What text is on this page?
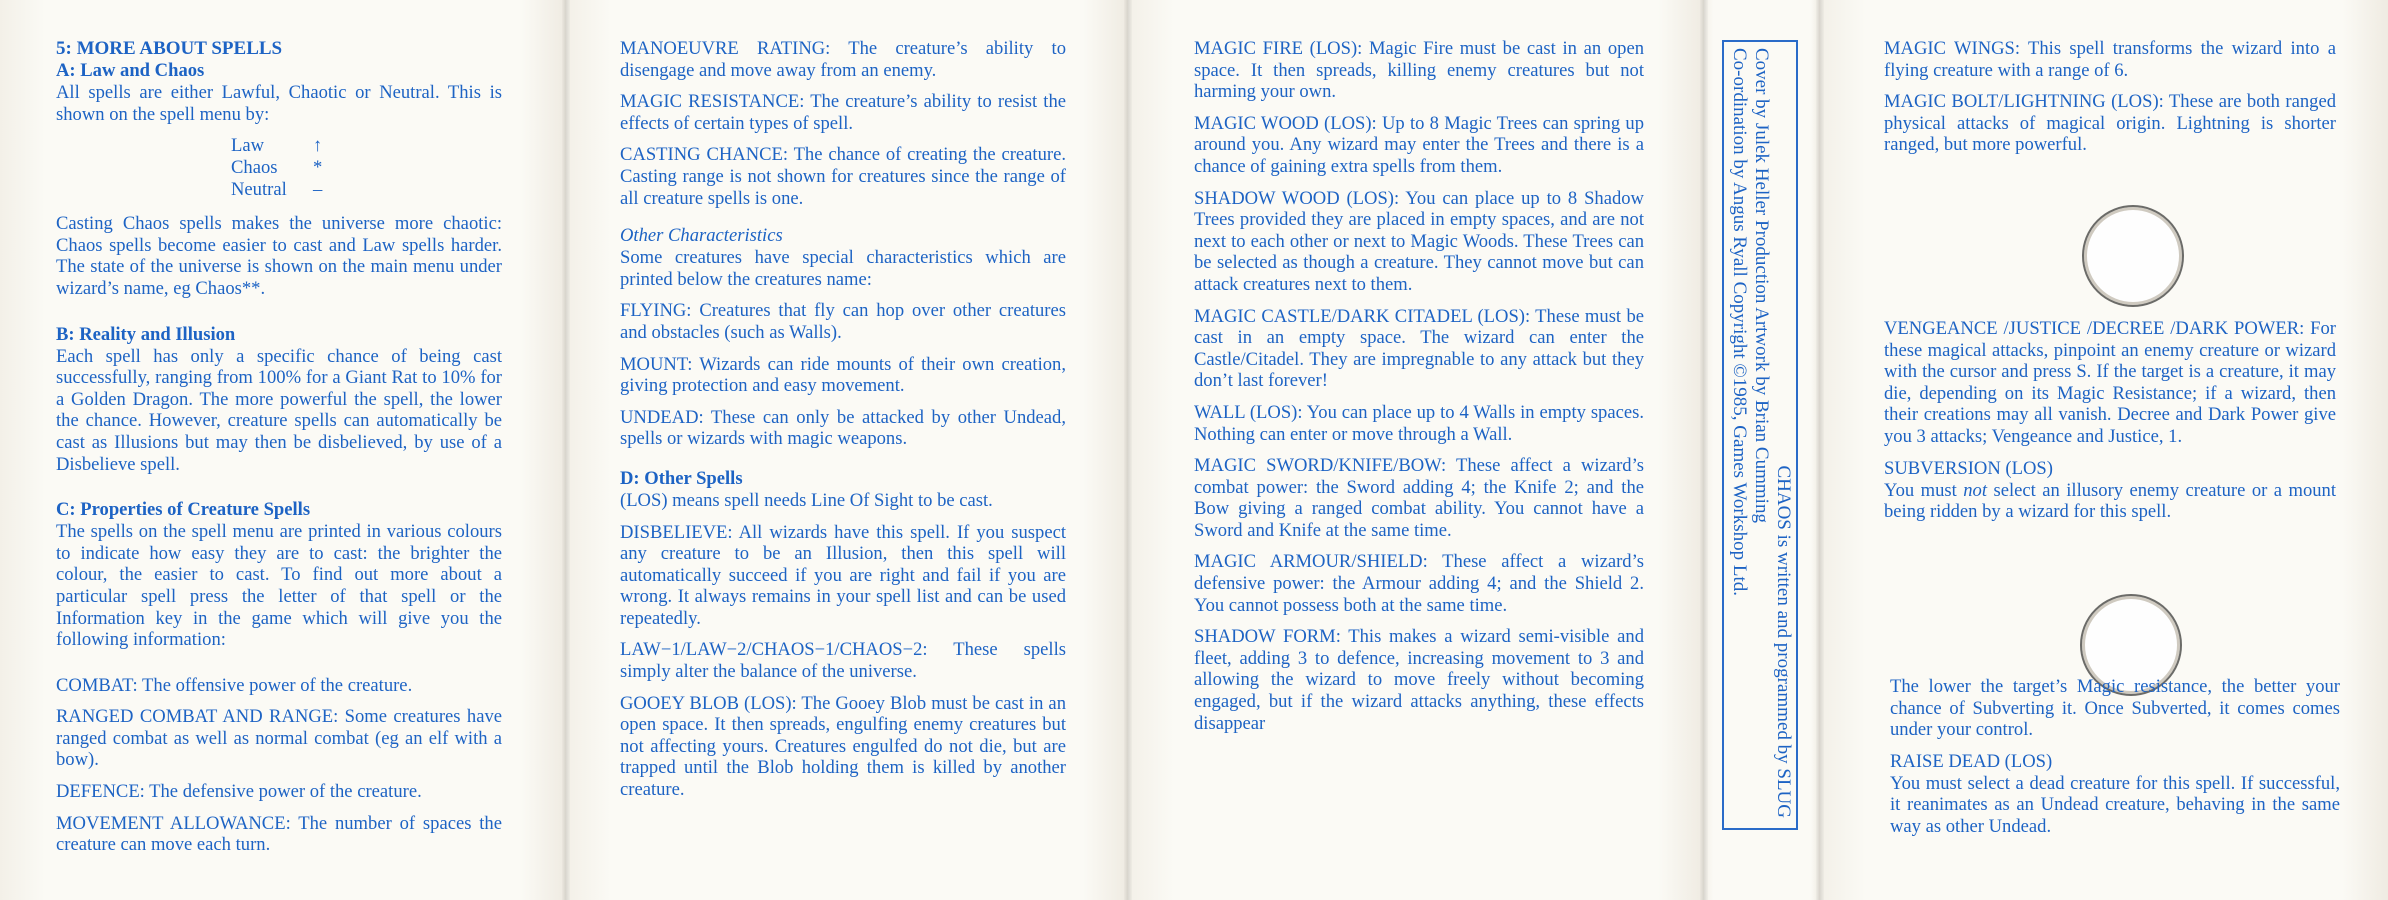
5: MORE ABOUT SPELLS

A: Law and Chaos

All spells are either Lawful, Chaotic or Neutral. This is shown on the spell menu by:

Law	↑
Chaos	*
Neutral	–

Casting Chaos spells makes the universe more chaotic: Chaos spells become easier to cast and Law spells harder. The state of the universe is shown on the main menu under wizard’s name, eg Chaos**.

B: Reality and Illusion

Each spell has only a specific chance of being cast successfully, ranging from 100% for a Giant Rat to 10% for a Golden Dragon. The more powerful the spell, the lower the chance. However, creature spells can automatically be cast as Illusions but may then be disbelieved, by use of a Disbelieve spell.

C: Properties of Creature Spells

The spells on the spell menu are printed in various colours to indicate how easy they are to cast: the brighter the colour, the easier to cast. To find out more about a particular spell press the letter of that spell or the Information key in the game which will give you the following information:

COMBAT: The offensive power of the creature.

RANGED COMBAT AND RANGE: Some creatures have ranged combat as well as normal combat (eg an elf with a bow).

DEFENCE: The defensive power of the creature.

MOVEMENT ALLOWANCE: The number of spaces the creature can move each turn.

MANOEUVRE RATING: The creature’s ability to disengage and move away from an enemy.

MAGIC RESISTANCE: The creature’s ability to resist the effects of certain types of spell.

CASTING CHANCE: The chance of creating the creature. Casting range is not shown for creatures since the range of all creature spells is one.

Other Characteristics

Some creatures have special characteristics which are printed below the creatures name:

FLYING: Creatures that fly can hop over other creatures and obstacles (such as Walls).

MOUNT: Wizards can ride mounts of their own creation, giving protection and easy movement.

UNDEAD: These can only be attacked by other Undead, spells or wizards with magic weapons.

D: Other Spells

(LOS) means spell needs Line Of Sight to be cast.

DISBELIEVE: All wizards have this spell. If you suspect any creature to be an Illusion, then this spell will automatically succeed if you are right and fail if you are wrong. It always remains in your spell list and can be used repeatedly.

LAW−1/LAW−2/CHAOS−1/CHAOS−2: These spells simply alter the balance of the universe.

GOOEY BLOB (LOS): The Gooey Blob must be cast in an open space. It then spreads, engulfing enemy creatures but not affecting yours. Creatures engulfed do not die, but are trapped until the Blob holding them is killed by another creature.

MAGIC FIRE (LOS): Magic Fire must be cast in an open space. It then spreads, killing enemy creatures but not harming your own.

MAGIC WOOD (LOS): Up to 8 Magic Trees can spring up around you. Any wizard may enter the Trees and there is a chance of gaining extra spells from them.

SHADOW WOOD (LOS): You can place up to 8 Shadow Trees provided they are placed in empty spaces, and are not next to each other or next to Magic Woods. These Trees can be selected as though a creature. They cannot move but can attack creatures next to them.

MAGIC CASTLE/DARK CITADEL (LOS): These must be cast in an empty space. The wizard can enter the Castle/Citadel. They are impregnable to any attack but they don’t last forever!

WALL (LOS): You can place up to 4 Walls in empty spaces. Nothing can enter or move through a Wall.

MAGIC SWORD/KNIFE/BOW: These affect a wizard’s combat power: the Sword adding 4; the Knife 2; and the Bow giving a ranged combat ability. You cannot have a Sword and Knife at the same time.

MAGIC ARMOUR/SHIELD: These affect a wizard’s defensive power: the Armour adding 4; and the Shield 2. You cannot possess both at the same time.

SHADOW FORM: This makes a wizard semi-visible and fleet, adding 3 to defence, increasing movement to 3 and allowing the wizard to move freely without becoming engaged, but if the wizard attacks anything, these effects disappear	CHAOS is written and programmed by SLUG

Cover by Julek Heller Production Artwork by Brian Cumming

Co-ordination by Angus Ryall Copyright ©1985, Games Workshop Ltd.	MAGIC WINGS: This spell transforms the wizard into a flying creature with a range of 6.

MAGIC BOLT/LIGHTNING (LOS): These are both ranged physical attacks of magical origin. Lightning is shorter ranged, but more powerful.

VENGEANCE /JUSTICE /DECREE /DARK POWER: For these magical attacks, pinpoint an enemy creature or wizard with the cursor and press S. If the target is a creature, it may die, depending on its Magic Resistance; if a wizard, then their creations may all vanish. Decree and Dark Power give you 3 attacks; Vengeance and Justice, 1.

SUBVERSION (LOS)

You must not select an illusory enemy creature or a mount being ridden by a wizard for this spell.

The lower the target’s Magic resistance, the better your chance of Subverting it. Once Subverted, it comes comes under your control.

RAISE DEAD (LOS)

You must select a dead creature for this spell. If successful, it reanimates as an Undead creature, behaving in the same way as other Undead.
